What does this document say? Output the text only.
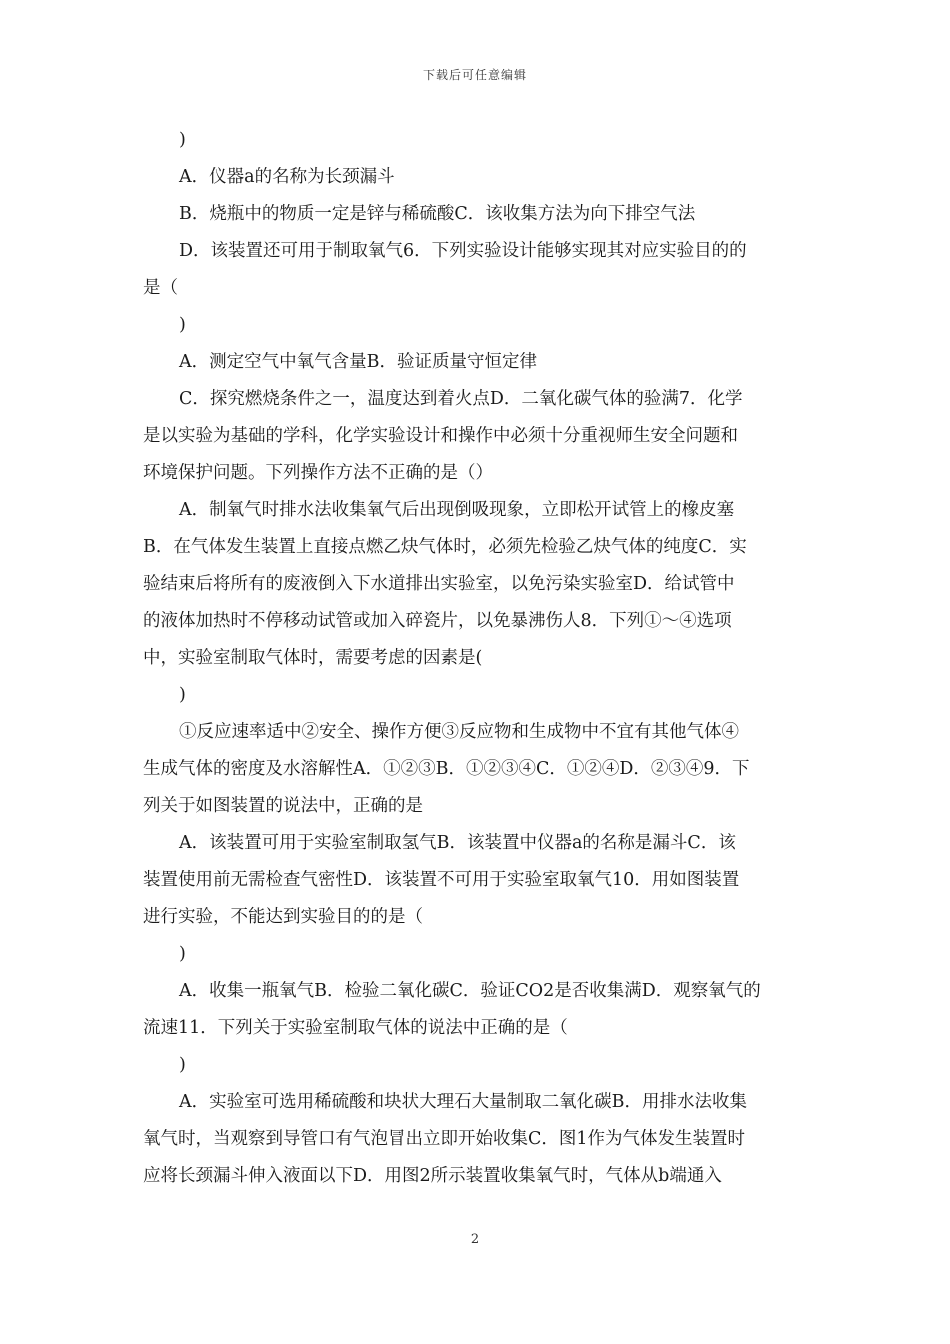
下载后可任意编辑
)
A．仪器a的名称为长颈漏斗
B．烧瓶中的物质一定是锌与稀硫酸C．该收集方法为向下排空气法
D．该装置还可用于制取氧气6．下列实验设计能够实现其对应实验目的的
是（
)
A．测定空气中氧气含量B．验证质量守恒定律
C．探究燃烧条件之一，温度达到着火点D．二氧化碳气体的验满7．化学
是以实验为基础的学科，化学实验设计和操作中必须十分重视师生安全问题和
环境保护问题。下列操作方法不正确的是（）
A．制氧气时排水法收集氧气后出现倒吸现象，立即松开试管上的橡皮塞
B．在气体发生装置上直接点燃乙炔气体时，必须先检验乙炔气体的纯度C．实
验结束后将所有的废液倒入下水道排出实验室，以免污染实验室D．给试管中
的液体加热时不停移动试管或加入碎瓷片，以免暴沸伤人8．下列①～④选项
中，实验室制取气体时，需要考虑的因素是(
)
①反应速率适中②安全、操作方便③反应物和生成物中不宜有其他气体④
生成气体的密度及水溶解性A．①②③B．①②③④C．①②④D．②③④9．下
列关于如图装置的说法中，正确的是
A．该装置可用于实验室制取氢气B．该装置中仪器a的名称是漏斗C．该
装置使用前无需检查气密性D．该装置不可用于实验室取氧气10．用如图装置
进行实验，不能达到实验目的的是（
)
A．收集一瓶氧气B．检验二氧化碳C．验证CO2是否收集满D．观察氧气的
流速11．下列关于实验室制取气体的说法中正确的是（
)
A．实验室可选用稀硫酸和块状大理石大量制取二氧化碳B．用排水法收集
氧气时，当观察到导管口有气泡冒出立即开始收集C．图1作为气体发生装置时
应将长颈漏斗伸入液面以下D．用图2所示装置收集氧气时，气体从b端通入
2
